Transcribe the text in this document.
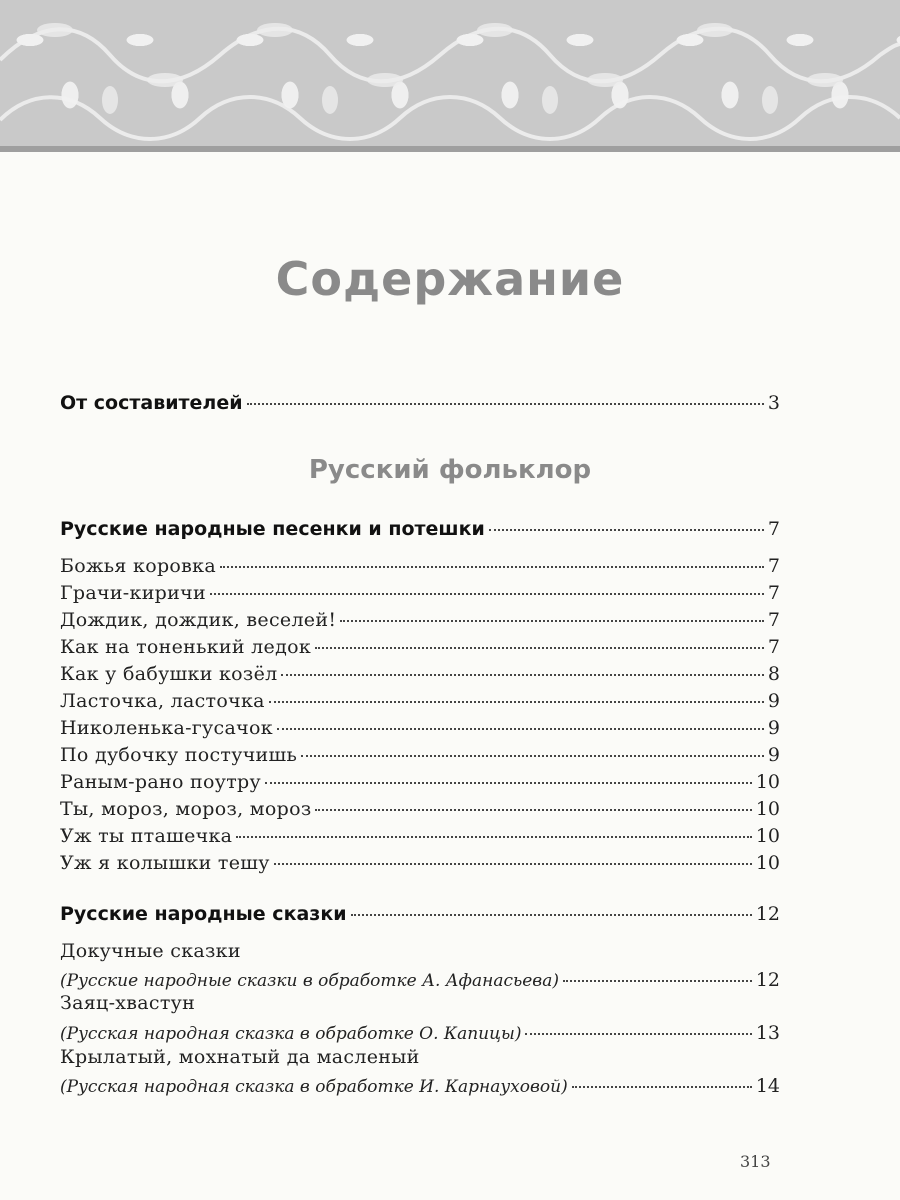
Содержание
От составителей	3
Русский фольклор
Русские народные песенки и потешки	7
Божья коровка	7
Грачи-киричи	7
Дождик, дождик, веселей!	7
Как на тоненький ледок	7
Как у бабушки козёл	8
Ласточка, ласточка	9
Николенька-гусачок	9
По дубочку постучишь	9
Раным-рано поутру	10
Ты, мороз, мороз, мороз	10
Уж ты пташечка	10
Уж я колышки тешу	10
Русские народные сказки	12
Докучные сказки
(Русские народные сказки в обработке А. Афанасьева)	12
Заяц-хвастун
(Русская народная сказка в обработке О. Капицы)	13
Крылатый, мохнатый да масленый
(Русская народная сказка в обработке И. Карнауховой)	14
313
